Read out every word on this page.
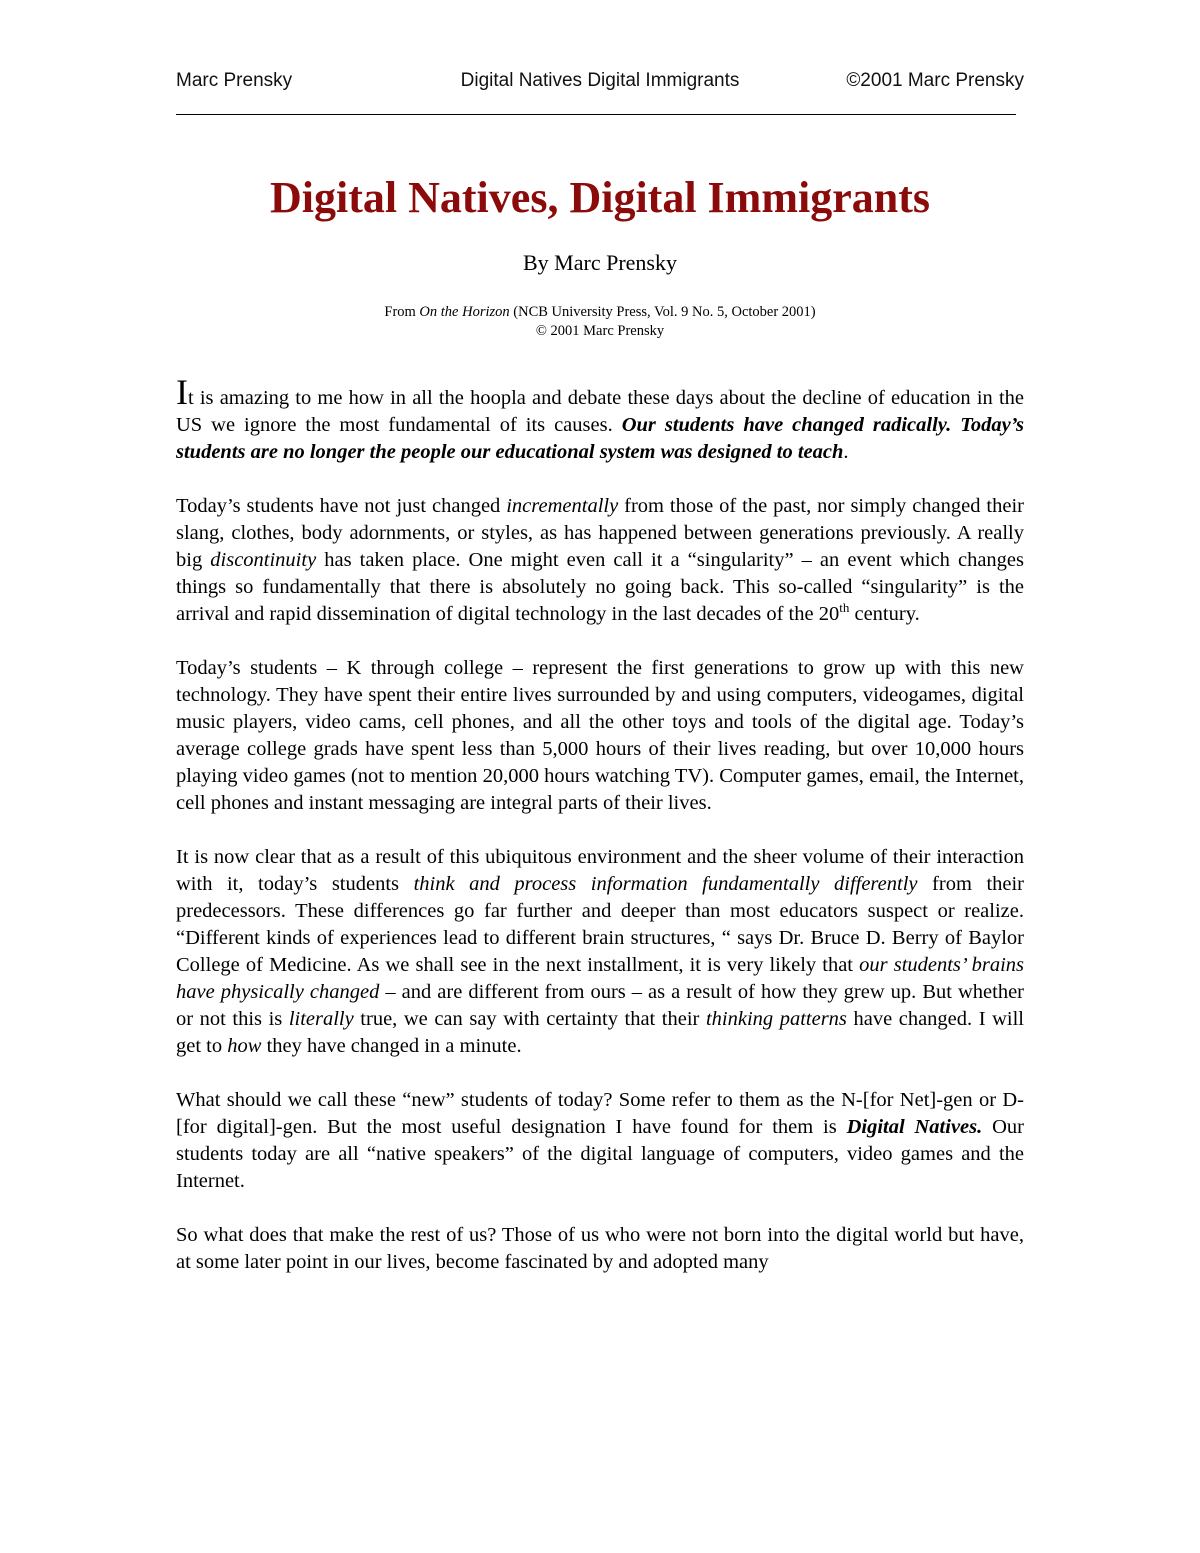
Marc Prensky	Digital Natives Digital Immigrants	©2001 Marc Prensky
Digital Natives, Digital Immigrants

By Marc Prensky

From On the Horizon (NCB University Press, Vol. 9 No. 5, October 2001)
© 2001 Marc Prensky

It is amazing to me how in all the hoopla and debate these days about the decline of education in the US we ignore the most fundamental of its causes. Our students have changed radically. Today’s students are no longer the people our educational system was designed to teach.

Today’s students have not just changed incrementally from those of the past, nor simply changed their slang, clothes, body adornments, or styles, as has happened between generations previously. A really big discontinuity has taken place. One might even call it a “singularity” – an event which changes things so fundamentally that there is absolutely no going back. This so-called “singularity” is the arrival and rapid dissemination of digital technology in the last decades of the 20th century.

Today’s students – K through college – represent the first generations to grow up with this new technology. They have spent their entire lives surrounded by and using computers, videogames, digital music players, video cams, cell phones, and all the other toys and tools of the digital age. Today’s average college grads have spent less than 5,000 hours of their lives reading, but over 10,000 hours playing video games (not to mention 20,000 hours watching TV). Computer games, email, the Internet, cell phones and instant messaging are integral parts of their lives.

It is now clear that as a result of this ubiquitous environment and the sheer volume of their interaction with it, today’s students think and process information fundamentally differently from their predecessors. These differences go far further and deeper than most educators suspect or realize. “Different kinds of experiences lead to different brain structures, “ says Dr. Bruce D. Berry of Baylor College of Medicine. As we shall see in the next installment, it is very likely that our students’ brains have physically changed – and are different from ours – as a result of how they grew up. But whether or not this is literally true, we can say with certainty that their thinking patterns have changed. I will get to how they have changed in a minute.

What should we call these “new” students of today? Some refer to them as the N-[for Net]-gen or D-[for digital]-gen. But the most useful designation I have found for them is Digital Natives. Our students today are all “native speakers” of the digital language of computers, video games and the Internet.

So what does that make the rest of us? Those of us who were not born into the digital world but have, at some later point in our lives, become fascinated by and adopted many
